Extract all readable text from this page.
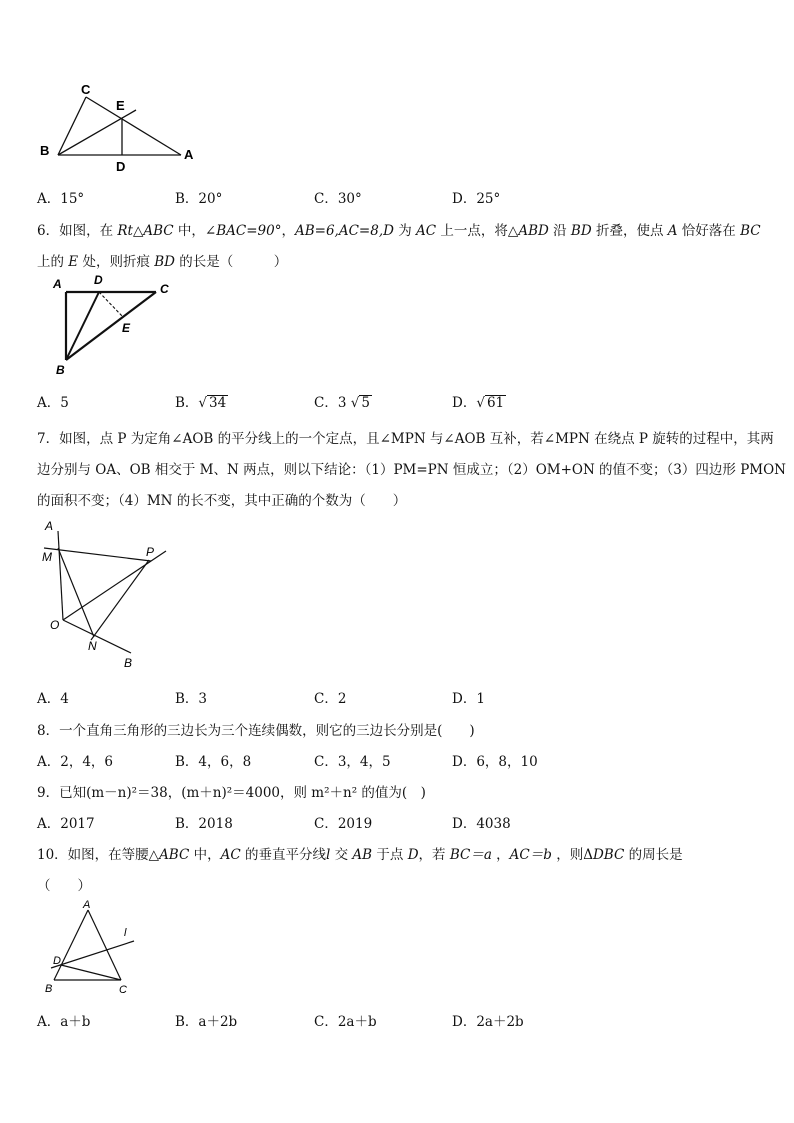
C
E
B
D
A
A．15°	B．20°	C．30°	D．25°
6．如图，在 Rt△ABC 中，∠BAC=90°，AB=6,AC=8,D 为 AC 上一点，将△ABD 沿 BD 折叠，使点 A 恰好落在 BC
上的 E 处，则折痕 BD 的长是（　　　）
A	D
C
E
B
A．5	B．√ 34	C．3 √ 5	D．√ 61
7．如图，点 P 为定角∠AOB 的平分线上的一个定点，且∠MPN 与∠AOB 互补，若∠MPN 在绕点 P 旋转的过程中，其两
边分别与 OA、OB 相交于 M、N 两点，则以下结论：（1）PM=PN 恒成立；（2）OM+ON 的值不变；（3）四边形 PMON
的面积不变；（4）MN 的长不变，其中正确的个数为（　　）
A
M	P
O
N
B
A．4	B．3	C．2	D．1
8．一个直角三角形的三边长为三个连续偶数，则它的三边长分别是(　　)
A．2，4，6	B．4，6，8	C．3，4，5	D．6，8，10
9．已知(m－n)²＝38，(m＋n)²＝4000，则 m²＋n² 的值为(　)
A．2017	B．2018	C．2019	D．4038
10．如图，在等腰△ABC 中，AC 的垂直平分线l 交 AB 于点 D，若 BC＝a ，AC＝b ，则ΔDBC 的周长是
（　　）
A
l
D
B	C
A．a＋b	B．a＋2b	C．2a＋b	D．2a＋2b
